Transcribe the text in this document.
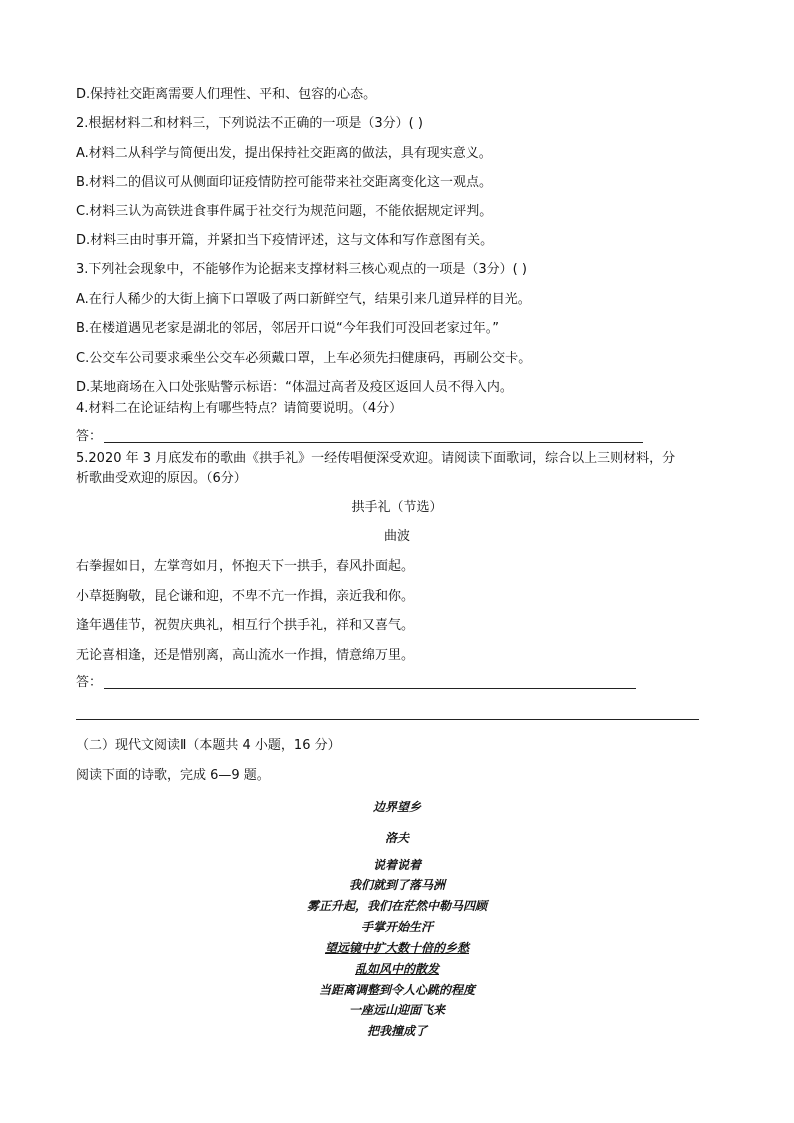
D.保持社交距离需要人们理性、平和、包容的心态。
2.根据材料二和材料三，下列说法不正确的一项是（3分）( )
A.材料二从科学与简便出发，提出保持社交距离的做法，具有现实意义。
B.材料二的倡议可从侧面印证疫情防控可能带来社交距离变化这一观点。
C.材料三认为高铁进食事件属于社交行为规范问题，不能依据规定评判。
D.材料三由时事开篇，并紧扣当下疫情评述，这与文体和写作意图有关。
3.下列社会现象中，不能够作为论据来支撑材料三核心观点的一项是（3分）( )
A.在行人稀少的大街上摘下口罩吸了两口新鲜空气，结果引来几道异样的目光。
B.在楼道遇见老家是湖北的邻居，邻居开口说“今年我们可没回老家过年。”
C.公交车公司要求乘坐公交车必须戴口罩，上车必须先扫健康码，再刷公交卡。
D.某地商场在入口处张贴警示标语：“体温过高者及疫区返回人员不得入内。
4.材料二在论证结构上有哪些特点？请简要说明。（4分）
答：
5.2020 年 3 月底发布的歌曲《拱手礼》一经传唱便深受欢迎。请阅读下面歌词，综合以上三则材料，分
析歌曲受欢迎的原因。（6分）
拱手礼（节选）
曲波
右拳握如日，左掌弯如月，怀抱天下一拱手，春风扑面起。
小草挺胸敬，昆仑谦和迎，不卑不亢一作揖，亲近我和你。
逢年遇佳节，祝贺庆典礼，相互行个拱手礼，祥和又喜气。
无论喜相逢，还是惜别离，高山流水一作揖，情意绵万里。
答：
（二）现代文阅读Ⅱ（本题共 4 小题，16 分）
阅读下面的诗歌，完成 6—9 题。
边界望乡
洛夫
说着说着
我们就到了落马洲
雾正升起，我们在茫然中勒马四顾
手掌开始生汗
望远镜中扩大数十倍的乡愁
乱如风中的散发
当距离调整到令人心跳的程度
一座远山迎面飞来
把我撞成了
